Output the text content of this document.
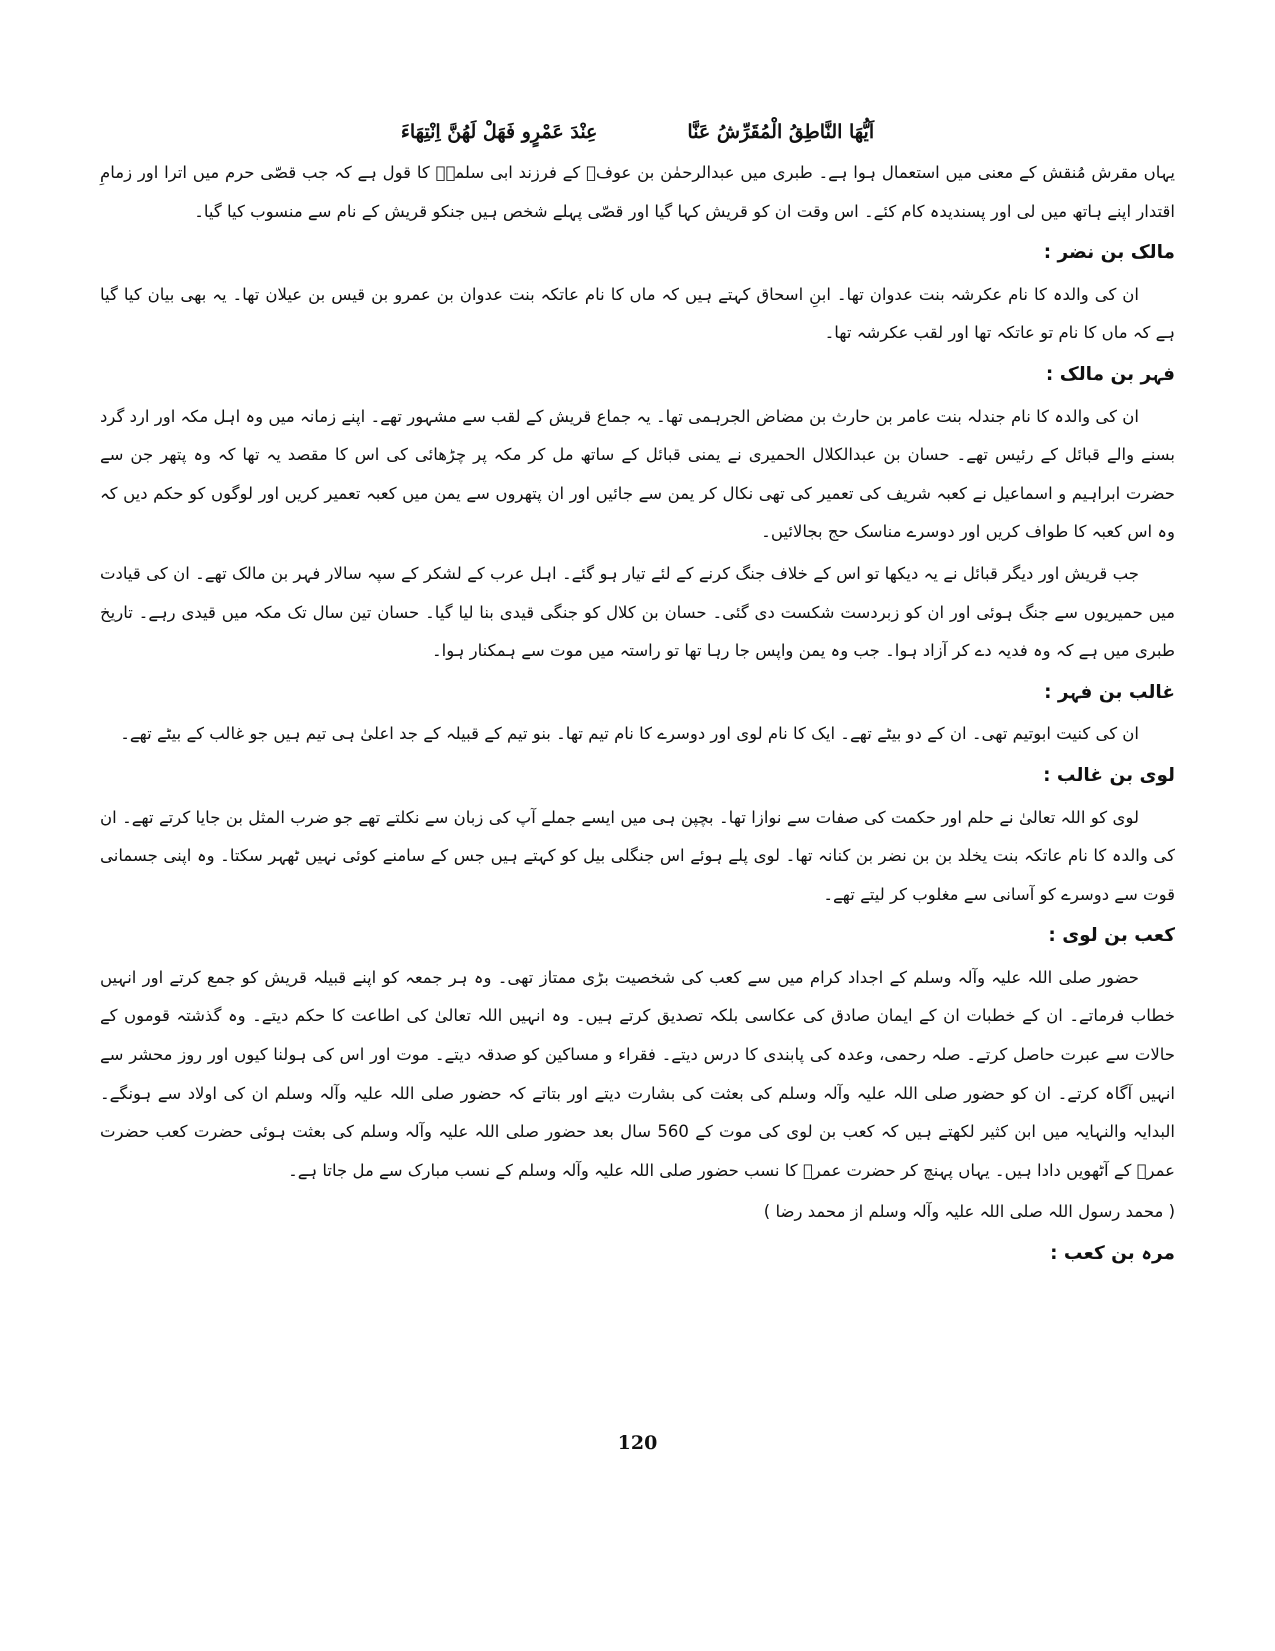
اَیُّھَا النَّاطِقُ الْمُقَرِّشُ عَنَّا
عِنْدَ عَمْرٍو فَھَلْ لَھُنَّ اِنْتِھَاءَ

یہاں مقرش مُنقش کے معنی میں استعمال ہوا ہے۔ طبری میں عبدالرحمٰن بن عوفؓ کے فرزند ابی سلمہؓ کا قول ہے کہ جب قصّی حرم میں اترا اور زمامِ اقتدار اپنے ہاتھ میں لی اور پسندیدہ کام کئے۔ اس وقت ان کو قریش کہا گیا اور قصّی پہلے شخص ہیں جنکو قریش کے نام سے منسوب کیا گیا۔

مالک بن نضر :

ان کی والدہ کا نام عکرشہ بنت عدوان تھا۔ ابنِ اسحاق کہتے ہیں کہ ماں کا نام عاتکہ بنت عدوان بن عمرو بن قیس بن عیلان تھا۔ یہ بھی بیان کیا گیا ہے کہ ماں کا نام تو عاتکہ تھا اور لقب عکرشہ تھا۔

فہر بن مالک :

ان کی والدہ کا نام جندلہ بنت عامر بن حارث بن مضاض الجرہمی تھا۔ یہ جماع قریش کے لقب سے مشہور تھے۔ اپنے زمانہ میں وہ اہل مکہ اور ارد گرد بسنے والے قبائل کے رئیس تھے۔ حسان بن عبدالکلال الحمیری نے یمنی قبائل کے ساتھ مل کر مکہ پر چڑھائی کی اس کا مقصد یہ تھا کہ وہ پتھر جن سے حضرت ابراہیم و اسماعیل نے کعبہ شریف کی تعمیر کی تھی نکال کر یمن سے جائیں اور ان پتھروں سے یمن میں کعبہ تعمیر کریں اور لوگوں کو حکم دیں کہ وہ اس کعبہ کا طواف کریں اور دوسرے مناسک حج بجالائیں۔

جب قریش اور دیگر قبائل نے یہ دیکھا تو اس کے خلاف جنگ کرنے کے لئے تیار ہو گئے۔ اہل عرب کے لشکر کے سپہ سالار فہر بن مالک تھے۔ ان کی قیادت میں حمیریوں سے جنگ ہوئی اور ان کو زبردست شکست دی گئی۔ حسان بن کلال کو جنگی قیدی بنا لیا گیا۔ حسان تین سال تک مکہ میں قیدی رہے۔ تاریخ طبری میں ہے کہ وہ فدیہ دے کر آزاد ہوا۔ جب وہ یمن واپس جا رہا تھا تو راستہ میں موت سے ہمکنار ہوا۔

غالب بن فہر :

ان کی کنیت ابوتیم تھی۔ ان کے دو بیٹے تھے۔ ایک کا نام لوی اور دوسرے کا نام تیم تھا۔ بنو تیم کے قبیلہ کے جد اعلیٰ ہی تیم ہیں جو غالب کے بیٹے تھے۔

لوی بن غالب :

لوی کو اللہ تعالیٰ نے حلم اور حکمت کی صفات سے نوازا تھا۔ بچپن ہی میں ایسے جملے آپ کی زبان سے نکلتے تھے جو ضرب المثل بن جایا کرتے تھے۔ ان کی والدہ کا نام عاتکہ بنت یخلد بن بن نضر بن کنانہ تھا۔ لوی پلے ہوئے اس جنگلی بیل کو کہتے ہیں جس کے سامنے کوئی نہیں ٹھہر سکتا۔ وہ اپنی جسمانی قوت سے دوسرے کو آسانی سے مغلوب کر لیتے تھے۔

کعب بن لوی :

حضور صلی اللہ علیہ وآلہ وسلم کے اجداد کرام میں سے کعب کی شخصیت بڑی ممتاز تھی۔ وہ ہر جمعہ کو اپنے قبیلہ قریش کو جمع کرتے اور انہیں خطاب فرماتے۔ ان کے خطبات ان کے ایمان صادق کی عکاسی بلکہ تصدیق کرتے ہیں۔ وہ انہیں اللہ تعالیٰ کی اطاعت کا حکم دیتے۔ وہ گذشتہ قوموں کے حالات سے عبرت حاصل کرتے۔ صلہ رحمی، وعدہ کی پابندی کا درس دیتے۔ فقراء و مساکین کو صدقہ دیتے۔ موت اور اس کی ہولنا کیوں اور روز محشر سے انہیں آگاہ کرتے۔ ان کو حضور صلی اللہ علیہ وآلہ وسلم کی بعثت کی بشارت دیتے اور بتاتے کہ حضور صلی اللہ علیہ وآلہ وسلم ان کی اولاد سے ہونگے۔ البدایہ والنہایہ میں ابن کثیر لکھتے ہیں کہ کعب بن لوی کی موت کے 560 سال بعد حضور صلی اللہ علیہ وآلہ وسلم کی بعثت ہوئی حضرت کعب حضرت عمرؓ کے آٹھویں دادا ہیں۔ یہاں پہنچ کر حضرت عمرؓ کا نسب حضور صلی اللہ علیہ وآلہ وسلم کے نسب مبارک سے مل جاتا ہے۔

( محمد رسول اللہ صلی اللہ علیہ وآلہ وسلم از محمد رضا )

مرہ بن کعب :
120
